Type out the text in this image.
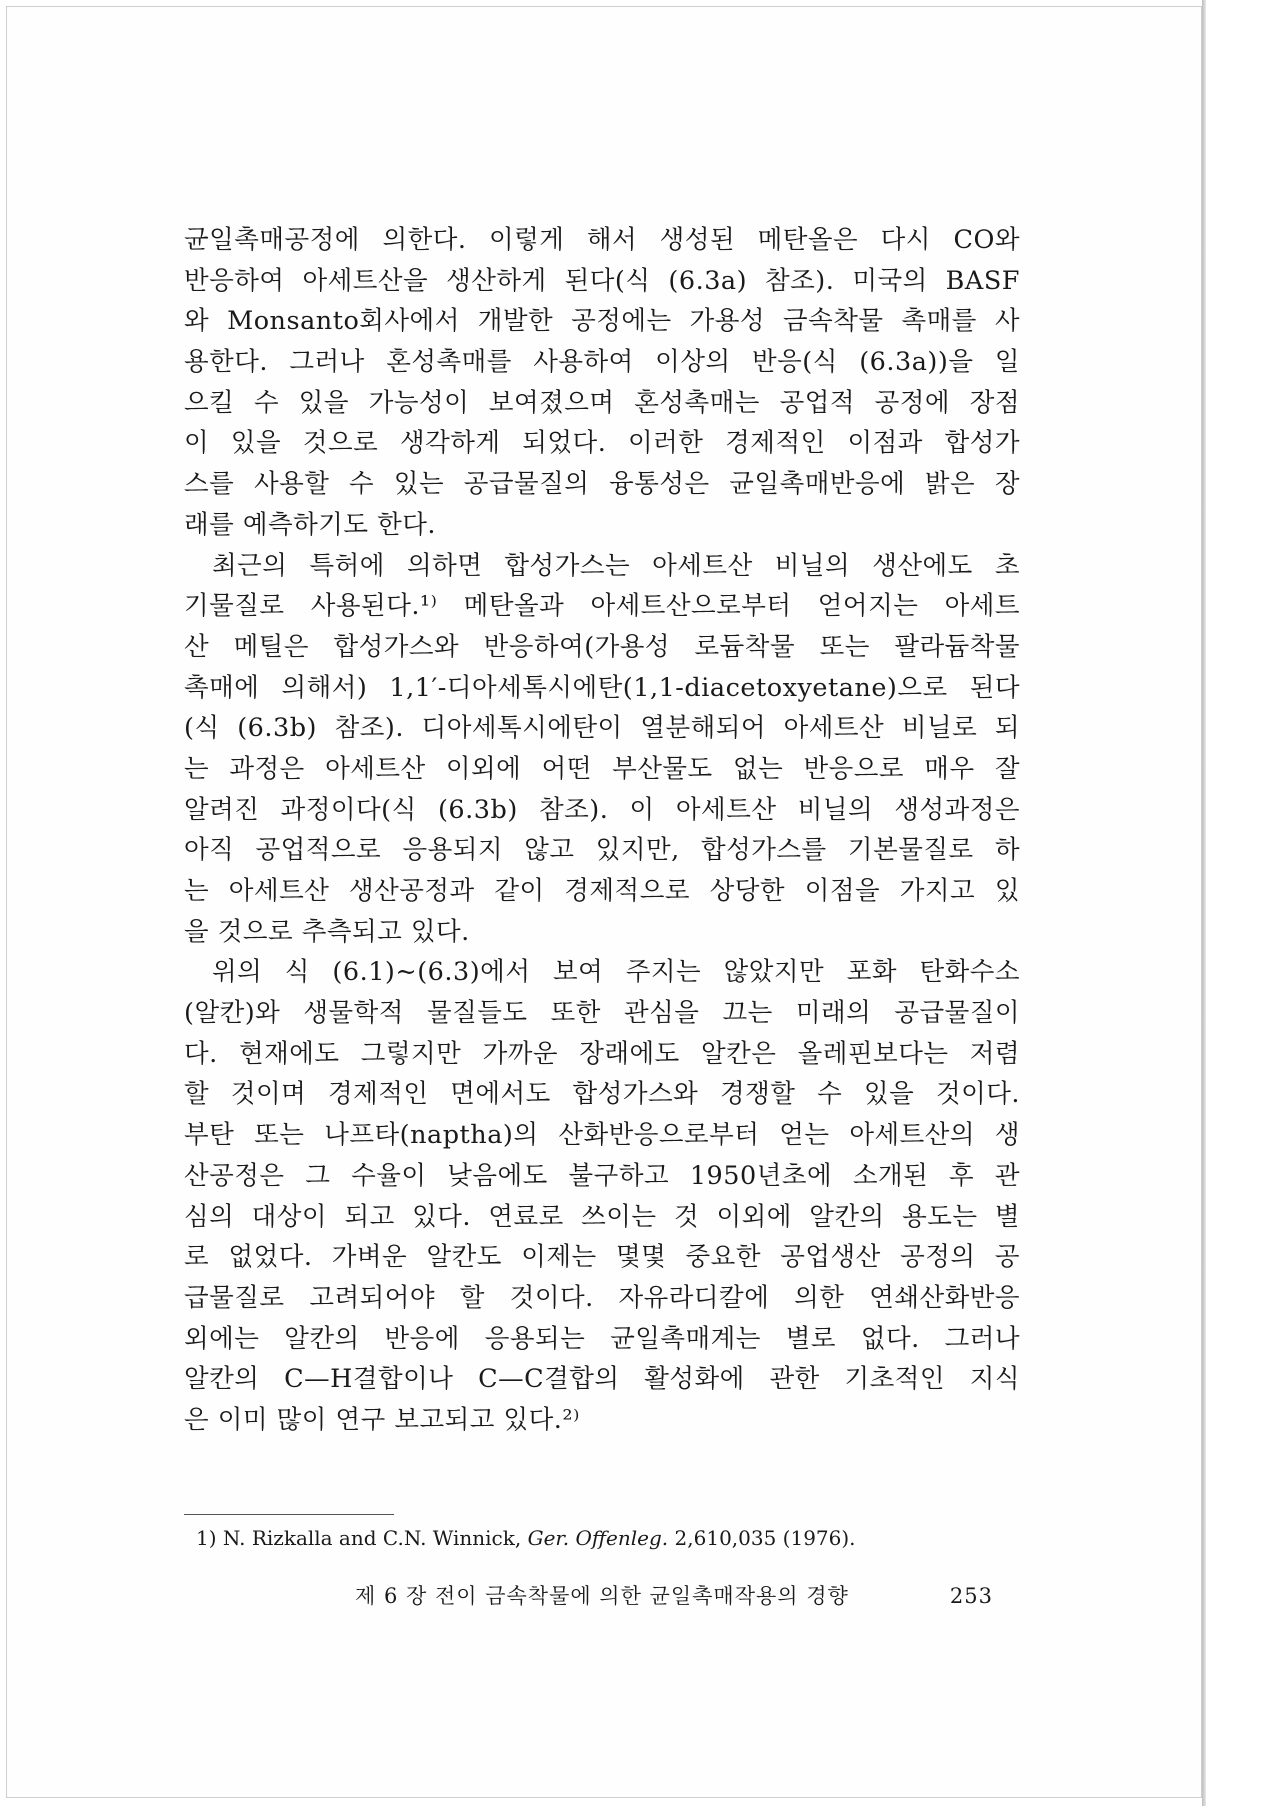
균일촉매공정에 의한다. 이렇게 해서 생성된 메탄올은 다시 CO와
반응하여 아세트산을 생산하게 된다(식 (6.3a) 참조). 미국의 BASF
와 Monsanto회사에서 개발한 공정에는 가용성 금속착물 촉매를 사
용한다. 그러나 혼성촉매를 사용하여 이상의 반응(식 (6.3a))을 일
으킬 수 있을 가능성이 보여졌으며 혼성촉매는 공업적 공정에 장점
이 있을 것으로 생각하게 되었다. 이러한 경제적인 이점과 합성가
스를 사용할 수 있는 공급물질의 융통성은 균일촉매반응에 밝은 장
래를 예측하기도 한다.
최근의 특허에 의하면 합성가스는 아세트산 비닐의 생산에도 초
기물질로 사용된다.¹⁾ 메탄올과 아세트산으로부터 얻어지는 아세트
산 메틸은 합성가스와 반응하여(가용성 로듐착물 또는 팔라듐착물
촉매에 의해서) 1,1′-디아세톡시에탄(1,1-diacetoxyetane)으로 된다
(식 (6.3b) 참조). 디아세톡시에탄이 열분해되어 아세트산 비닐로 되
는 과정은 아세트산 이외에 어떤 부산물도 없는 반응으로 매우 잘
알려진 과정이다(식 (6.3b) 참조). 이 아세트산 비닐의 생성과정은
아직 공업적으로 응용되지 않고 있지만, 합성가스를 기본물질로 하
는 아세트산 생산공정과 같이 경제적으로 상당한 이점을 가지고 있
을 것으로 추측되고 있다.
위의 식 (6.1)∼(6.3)에서 보여 주지는 않았지만 포화 탄화수소
(알칸)와 생물학적 물질들도 또한 관심을 끄는 미래의 공급물질이
다. 현재에도 그렇지만 가까운 장래에도 알칸은 올레핀보다는 저렴
할 것이며 경제적인 면에서도 합성가스와 경쟁할 수 있을 것이다.
부탄 또는 나프타(naptha)의 산화반응으로부터 얻는 아세트산의 생
산공정은 그 수율이 낮음에도 불구하고 1950년초에 소개된 후 관
심의 대상이 되고 있다. 연료로 쓰이는 것 이외에 알칸의 용도는 별
로 없었다. 가벼운 알칸도 이제는 몇몇 중요한 공업생산 공정의 공
급물질로 고려되어야 할 것이다. 자유라디칼에 의한 연쇄산화반응
외에는 알칸의 반응에 응용되는 균일촉매계는 별로 없다. 그러나
알칸의 C—H결합이나 C—C결합의 활성화에 관한 기초적인 지식
은 이미 많이 연구 보고되고 있다.²⁾
1) N. Rizkalla and C.N. Winnick, Ger. Offenleg. 2,610,035 (1976).
제 6 장 전이 금속착물에 의한 균일촉매작용의 경향	253
